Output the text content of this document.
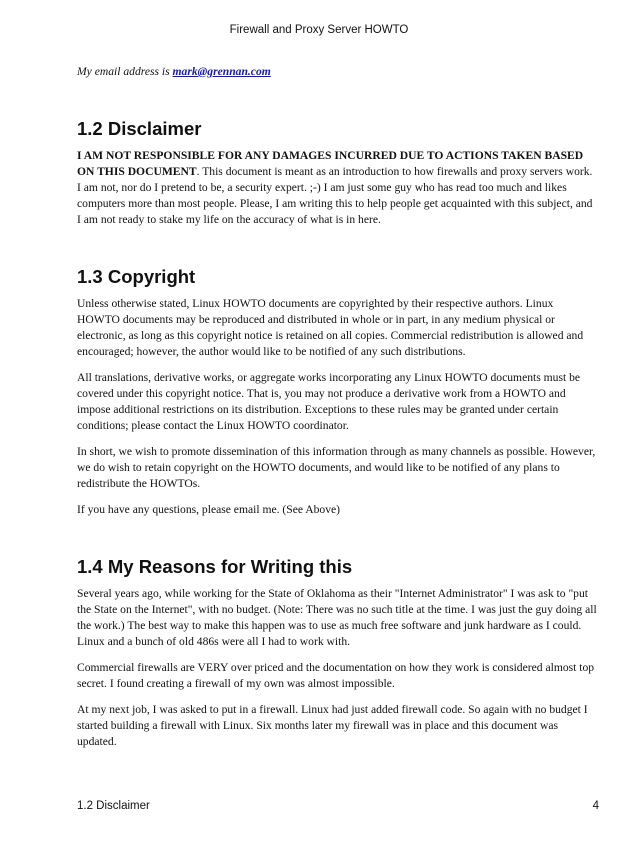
Firewall and Proxy Server HOWTO

My email address is mark@grennan.com

1.2 Disclaimer

I AM NOT RESPONSIBLE FOR ANY DAMAGES INCURRED DUE TO ACTIONS TAKEN BASED ON THIS DOCUMENT. This document is meant as an introduction to how firewalls and proxy servers work. I am not, nor do I pretend to be, a security expert. ;-) I am just some guy who has read too much and likes computers more than most people. Please, I am writing this to help people get acquainted with this subject, and I am not ready to stake my life on the accuracy of what is in here.

1.3 Copyright

Unless otherwise stated, Linux HOWTO documents are copyrighted by their respective authors. Linux HOWTO documents may be reproduced and distributed in whole or in part, in any medium physical or electronic, as long as this copyright notice is retained on all copies. Commercial redistribution is allowed and encouraged; however, the author would like to be notified of any such distributions.

All translations, derivative works, or aggregate works incorporating any Linux HOWTO documents must be covered under this copyright notice. That is, you may not produce a derivative work from a HOWTO and impose additional restrictions on its distribution. Exceptions to these rules may be granted under certain conditions; please contact the Linux HOWTO coordinator.

In short, we wish to promote dissemination of this information through as many channels as possible. However, we do wish to retain copyright on the HOWTO documents, and would like to be notified of any plans to redistribute the HOWTOs.

If you have any questions, please email me. (See Above)

1.4 My Reasons for Writing this

Several years ago, while working for the State of Oklahoma as their "Internet Administrator" I was ask to "put the State on the Internet", with no budget. (Note: There was no such title at the time. I was just the guy doing all the work.) The best way to make this happen was to use as much free software and junk hardware as I could. Linux and a bunch of old 486s were all I had to work with.

Commercial firewalls are VERY over priced and the documentation on how they work is considered almost top secret. I found creating a firewall of my own was almost impossible.

At my next job, I was asked to put in a firewall. Linux had just added firewall code. So again with no budget I started building a firewall with Linux. Six months later my firewall was in place and this document was updated.

1.2 Disclaimer	4
